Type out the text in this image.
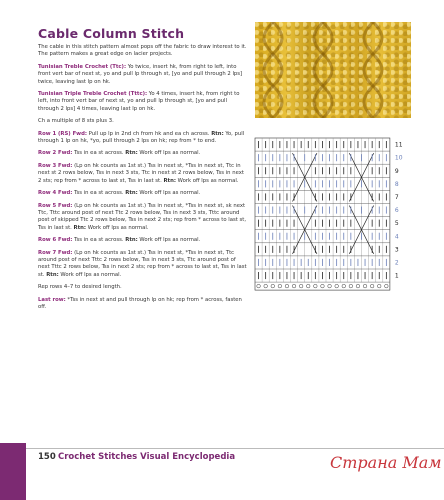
Cable Column Stitch

The cable in this stitch pattern almost pops off the fabric to draw interest to it. The pattern makes a great edge on lacier projects.

Tunisian Treble Crochet (Ttc): Yo twice, insert hk, from right to left, into front vert bar of next st, yo and pull lp through st, [yo and pull through 2 lps] twice, leaving last lp on hk.

Tunisian Triple Treble Crochet (Tttc): Yo 4 times, insert hk, from right to left, into front vert bar of next st, yo and pull lp through st, [yo and pull through 2 lps] 4 times, leaving last lp on hk.

Ch a multiple of 8 sts plus 3.

Row 1 (RS) Fwd: Pull up lp in 2nd ch from hk and ea ch across. Rtn: Yo, pull through 1 lp on hk, *yo, pull through 2 lps on hk; rep from * to end.

Row 2 Fwd: Tss in ea st across. Rtn: Work off lps as normal.

Row 3 Fwd: (Lp on hk counts as 1st st.) Tss in next st, *Tss in next st, Ttc in next st 2 rows below, Tss in next 3 sts, Ttc in next st 2 rows below, Tss in next 2 sts; rep from * across to last st, Tss in last st. Rtn: Work off lps as normal.

Row 4 Fwd: Tss in ea st across. Rtn: Work off lps as normal.

Row 5 Fwd: (Lp on hk counts as 1st st.) Tss in next st, *Tss in next st, sk next Ttc, Tttc around post of next Ttc 2 rows below, Tss in next 3 sts, Tttc around post of skipped Ttc 2 rows below, Tss in next 2 sts; rep from * across to last st, Tss in last st. Rtn: Work off lps as normal.

Row 6 Fwd: Tss in ea st across. Rtn: Work off lps as normal.

Row 7 Fwd: (Lp on hk counts as 1st st.) Tss in next st, *Tss in next st, Ttc around post of next Tttc 2 rows below, Tss in next 3 sts, Ttc around post of next Tttc 2 rows below, Tss in next 2 sts; rep from * across to last st, Tss in last st. Rtn: Work off lps as normal.

Rep rows 4–7 to desired length.

Last row: *Tss in next st and pull through lp on hk; rep from * across, fasten off.

11
10
9
8
7
6
5
4
3
2
1
150 Crochet Stitches Visual Encyclopedia	Страна Мам
